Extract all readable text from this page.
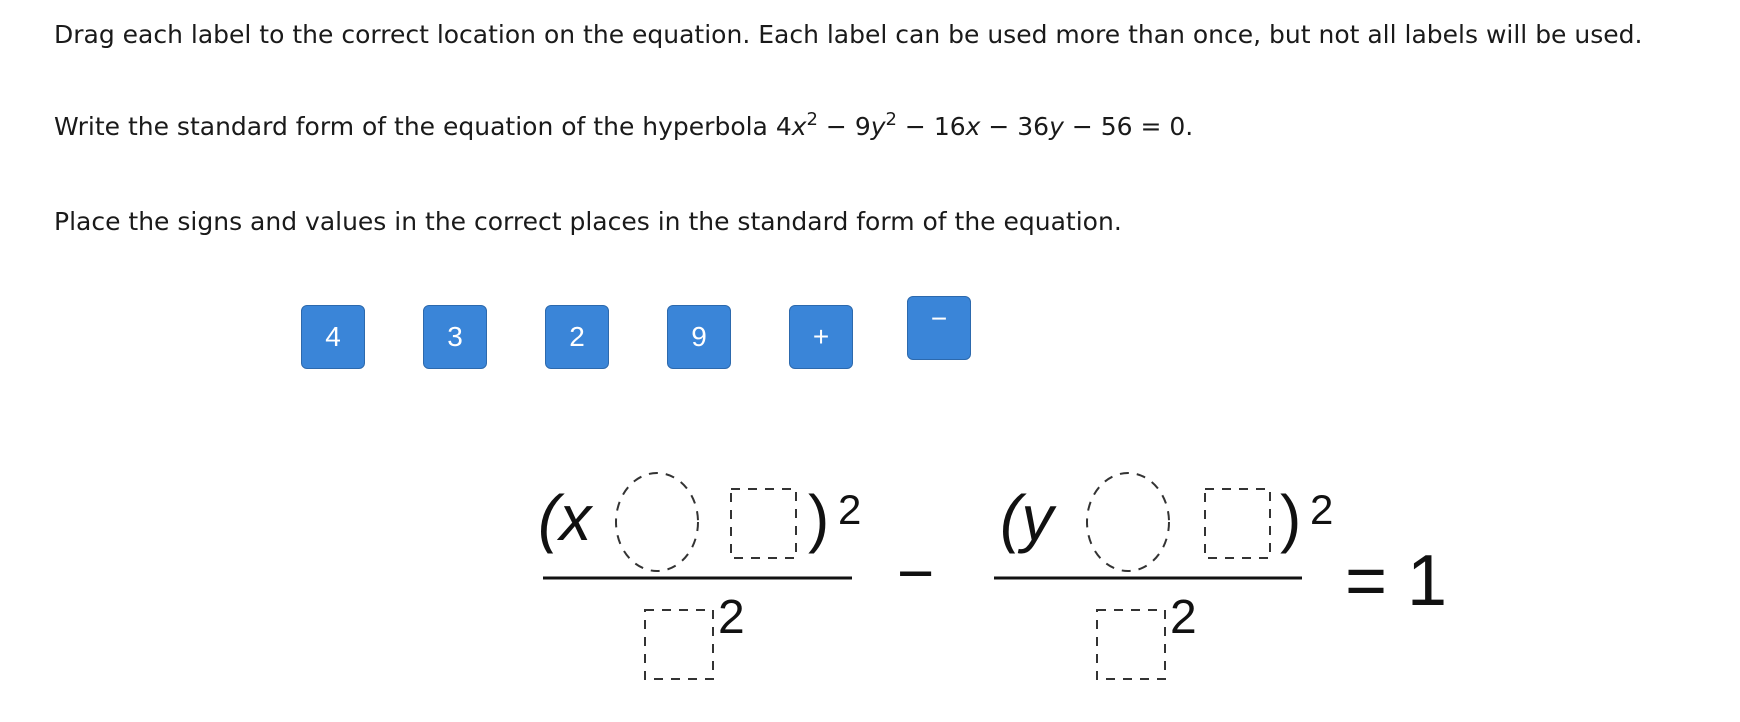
Drag each label to the correct location on the equation. Each label can be used more than once, but not all labels will be used.

Write the standard form of the equation of the hyperbola $4x^2 - 9y^2 - 16x - 36y - 56 = 0$.

Place the signs and values in the correct places in the standard form of the equation.

4	3	2	9	+
−
(x	) 2
2
−
(y	) 2
2 = 1
